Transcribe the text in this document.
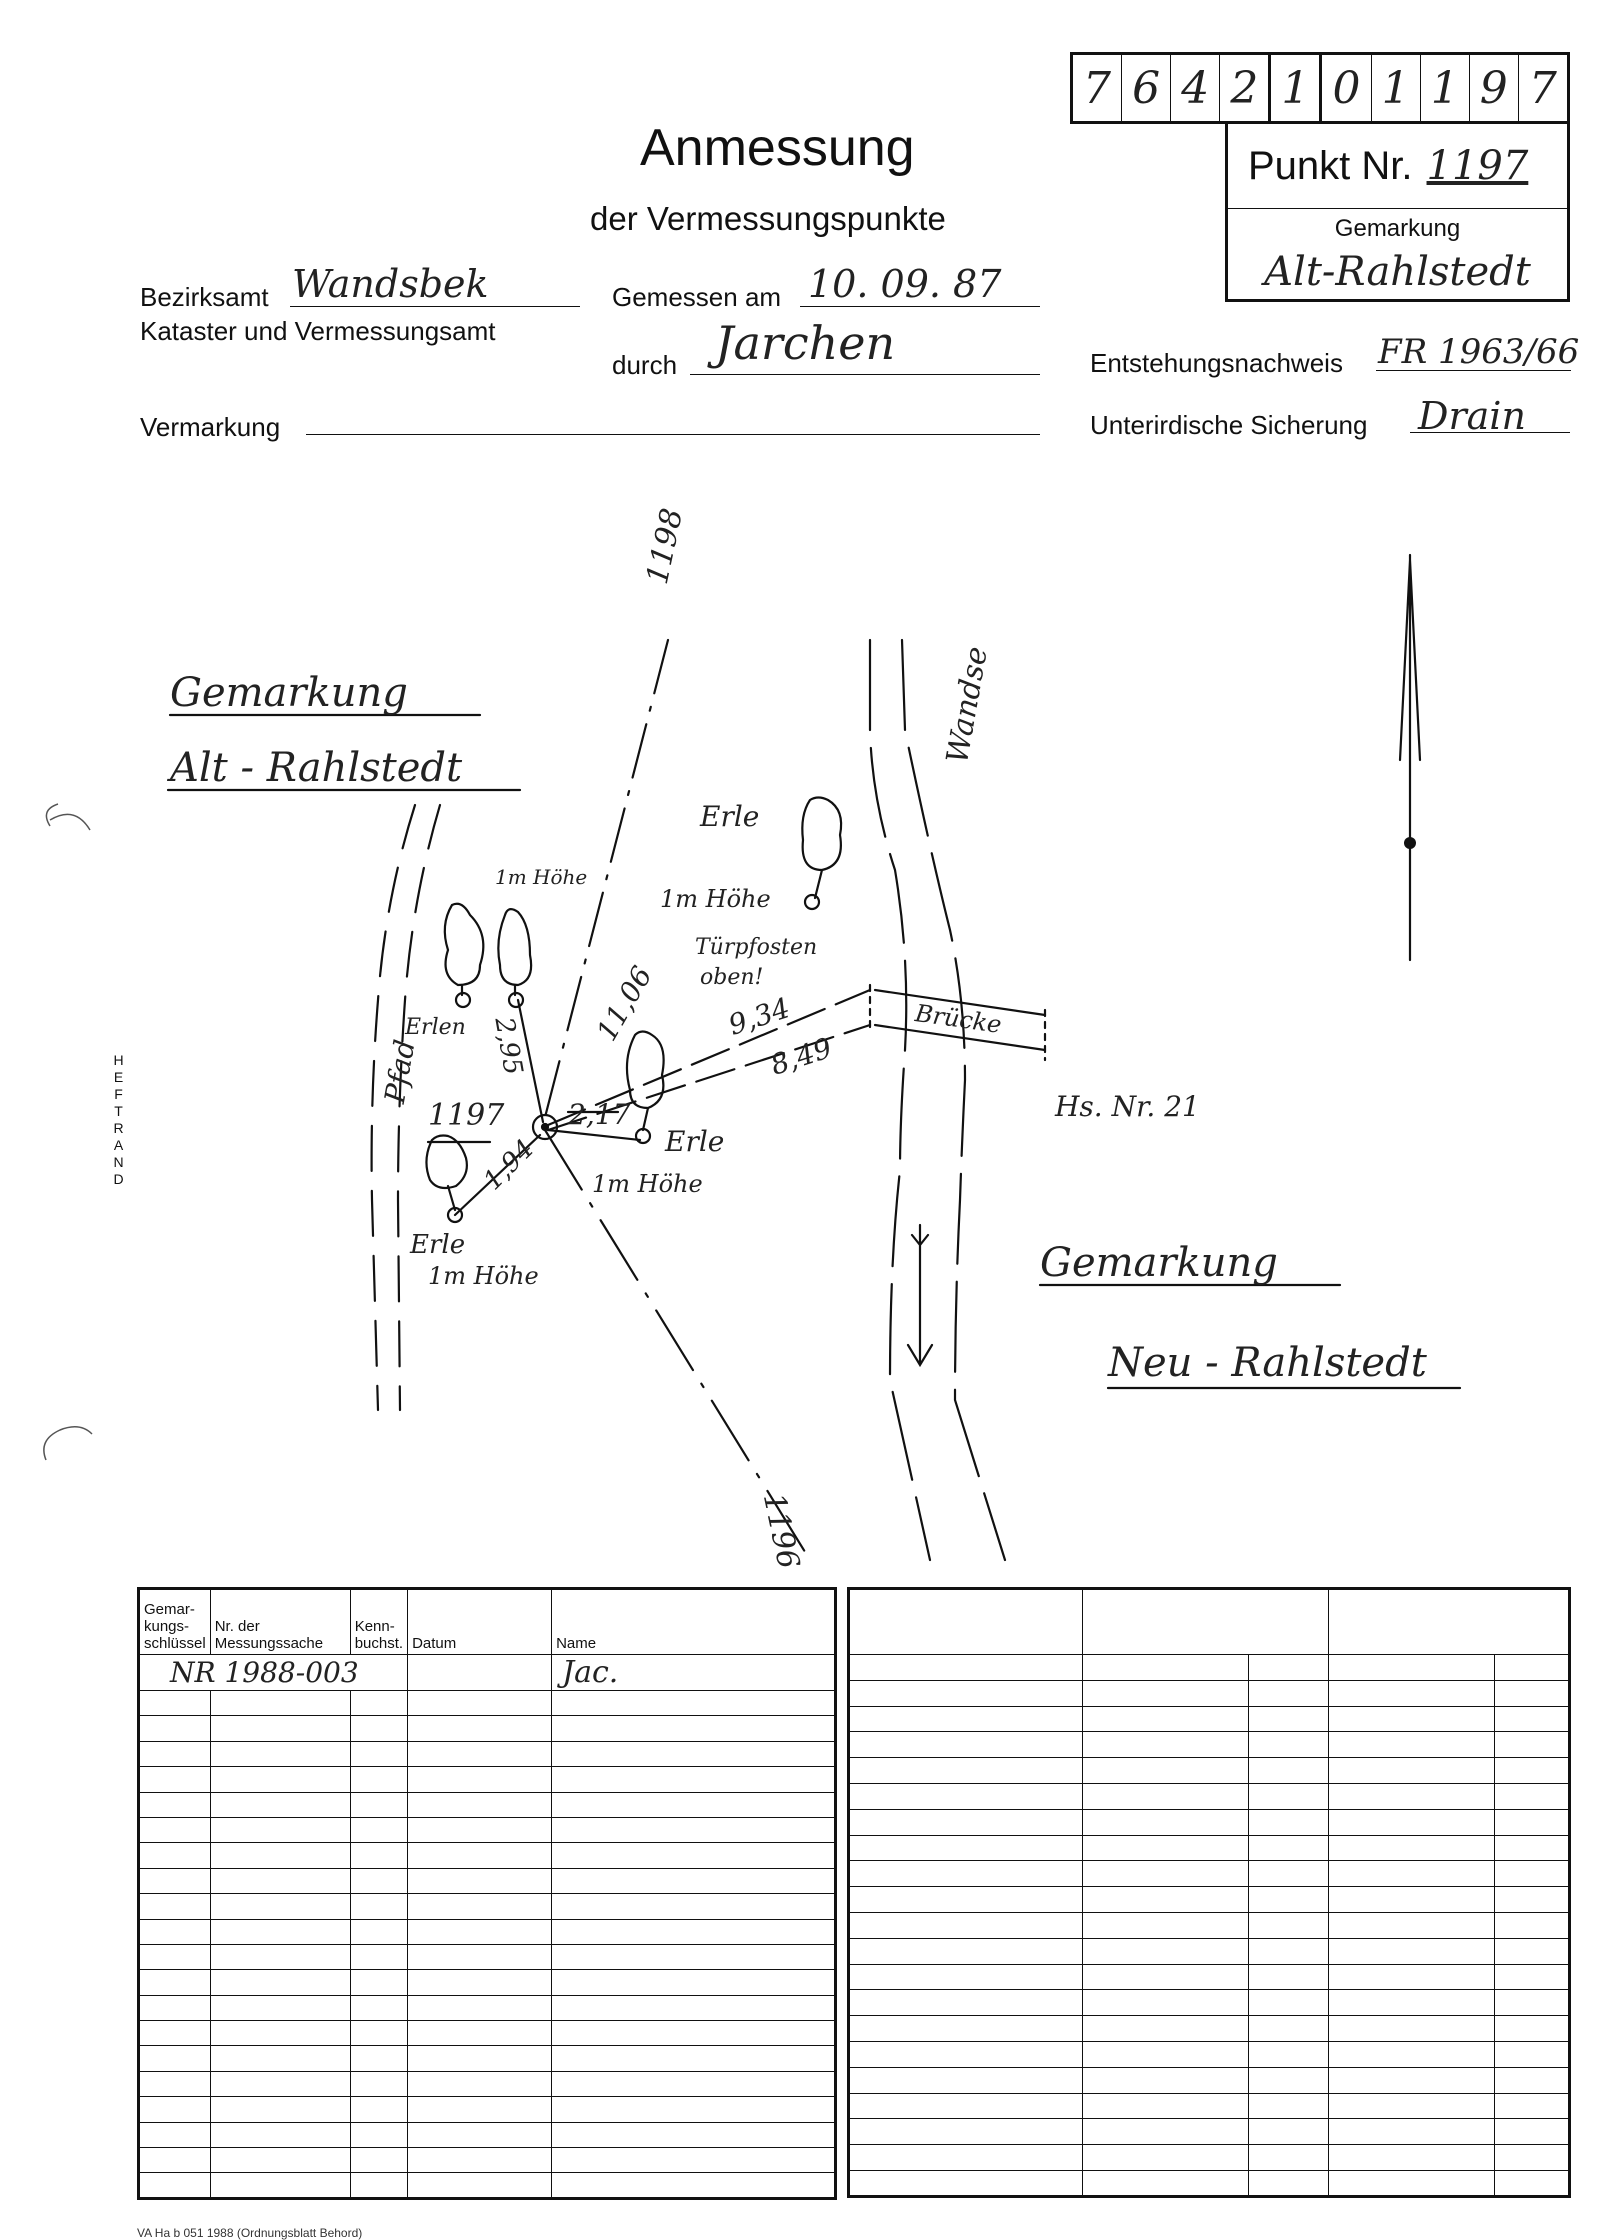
Anmessung
der Vermessungspunkte
7 6 4 2 1 0 1 1 9 7
Punkt Nr. 1197
Gemarkung
Alt-Rahlstedt
Bezirksamt Wandsbek
Kataster und Vermessungsamt
Gemessen am 10. 09. 87
durch Jarchen
Vermarkung
Entstehungsnachweis FR 1963/66
Unterirdische Sicherung Drain
HEFTRAND
Gemarkung
Alt - Rahlstedt
Gemarkung
Neu - Rahlstedt
1198
1196
1197
Wandse
Pfad
Erle
1m Höhe
1m Höhe
Erlen
Erle
1m Höhe
Erle
1m Höhe
Türpfosten
oben!
Brücke
Hs. Nr. 21
2,95 11,06 9,34
8,49
2,17
1,94
Gemar-kungs-schlüssel	Nr. der Messungssache	Kenn-buchst.	Datum	Name
NR 1988-003				Jac.

VA Ha b 051 1988 (Ordnungsblatt Behord)
